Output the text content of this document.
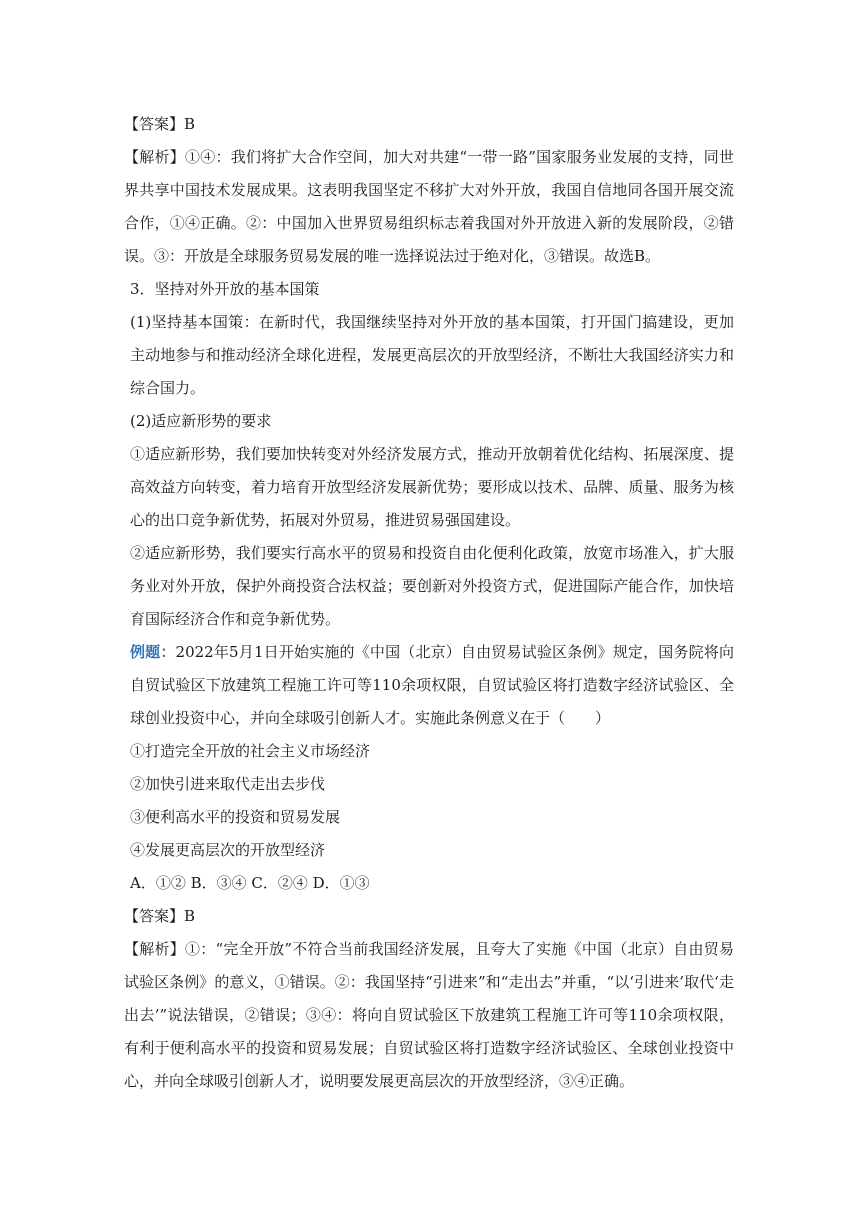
【答案】B

【解析】①④：我们将扩大合作空间，加大对共建“一带一路”国家服务业发展的支持，同世界共享中国技术发展成果。这表明我国坚定不移扩大对外开放，我国自信地同各国开展交流合作，①④正确。②：中国加入世界贸易组织标志着我国对外开放进入新的发展阶段，②错误。③：开放是全球服务贸易发展的唯一选择说法过于绝对化，③错误。故选B。

3．坚持对外开放的基本国策

(1)坚持基本国策：在新时代，我国继续坚持对外开放的基本国策，打开国门搞建设，更加主动地参与和推动经济全球化进程，发展更高层次的开放型经济，不断壮大我国经济实力和综合国力。

(2)适应新形势的要求

①适应新形势，我们要加快转变对外经济发展方式，推动开放朝着优化结构、拓展深度、提高效益方向转变，着力培育开放型经济发展新优势；要形成以技术、品牌、质量、服务为核心的出口竞争新优势，拓展对外贸易，推进贸易强国建设。

②适应新形势，我们要实行高水平的贸易和投资自由化便利化政策，放宽市场准入，扩大服务业对外开放，保护外商投资合法权益；要创新对外投资方式，促进国际产能合作，加快培育国际经济合作和竞争新优势。

例题：2022年5月1日开始实施的《中国（北京）自由贸易试验区条例》规定，国务院将向自贸试验区下放建筑工程施工许可等110余项权限，自贸试验区将打造数字经济试验区、全球创业投资中心，并向全球吸引创新人才。实施此条例意义在于（　　）

①打造完全开放的社会主义市场经济

②加快引进来取代走出去步伐

③便利高水平的投资和贸易发展

④发展更高层次的开放型经济

A．①② B．③④ C．②④ D．①③

【答案】B

【解析】①：“完全开放”不符合当前我国经济发展，且夸大了实施《中国（北京）自由贸易试验区条例》的意义，①错误。②：我国坚持“引进来”和“走出去”并重，“以‘引进来’取代‘走出去’”说法错误，②错误；③④：将向自贸试验区下放建筑工程施工许可等110余项权限，有利于便利高水平的投资和贸易发展；自贸试验区将打造数字经济试验区、全球创业投资中心，并向全球吸引创新人才，说明要发展更高层次的开放型经济，③④正确。
